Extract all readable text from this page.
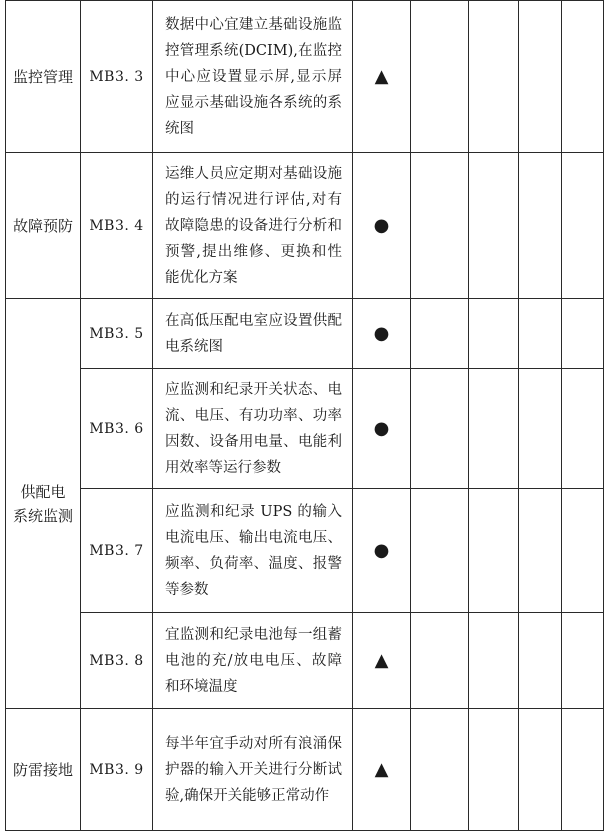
监控管理	MB3. 3	数据中心宜建立基础设施监控管理系统(DCIM),在监控中心应设置显示屏,显示屏应显示基础设施各系统的系统图	▲				
故障预防	MB3. 4	运维人员应定期对基础设施的运行情况进行评估,对有故障隐患的设备进行分析和预警,提出维修、更换和性能优化方案	●				

供配电
系统监测	MB3. 5	在高低压配电室应设置供配电系统图	●				
	MB3. 6	应监测和纪录开关状态、电流、电压、有功功率、功率因数、设备用电量、电能利用效率等运行参数	●				
	MB3. 7	应监测和纪录 UPS 的输入电流电压、输出电流电压、频率、负荷率、温度、报警等参数	●				
	MB3. 8	宜监测和纪录电池每一组蓄电池的充/放电电压、故障和环境温度	▲				
防雷接地	MB3. 9	每半年宜手动对所有浪涌保护器的输入开关进行分断试验,确保开关能够正常动作	▲				
